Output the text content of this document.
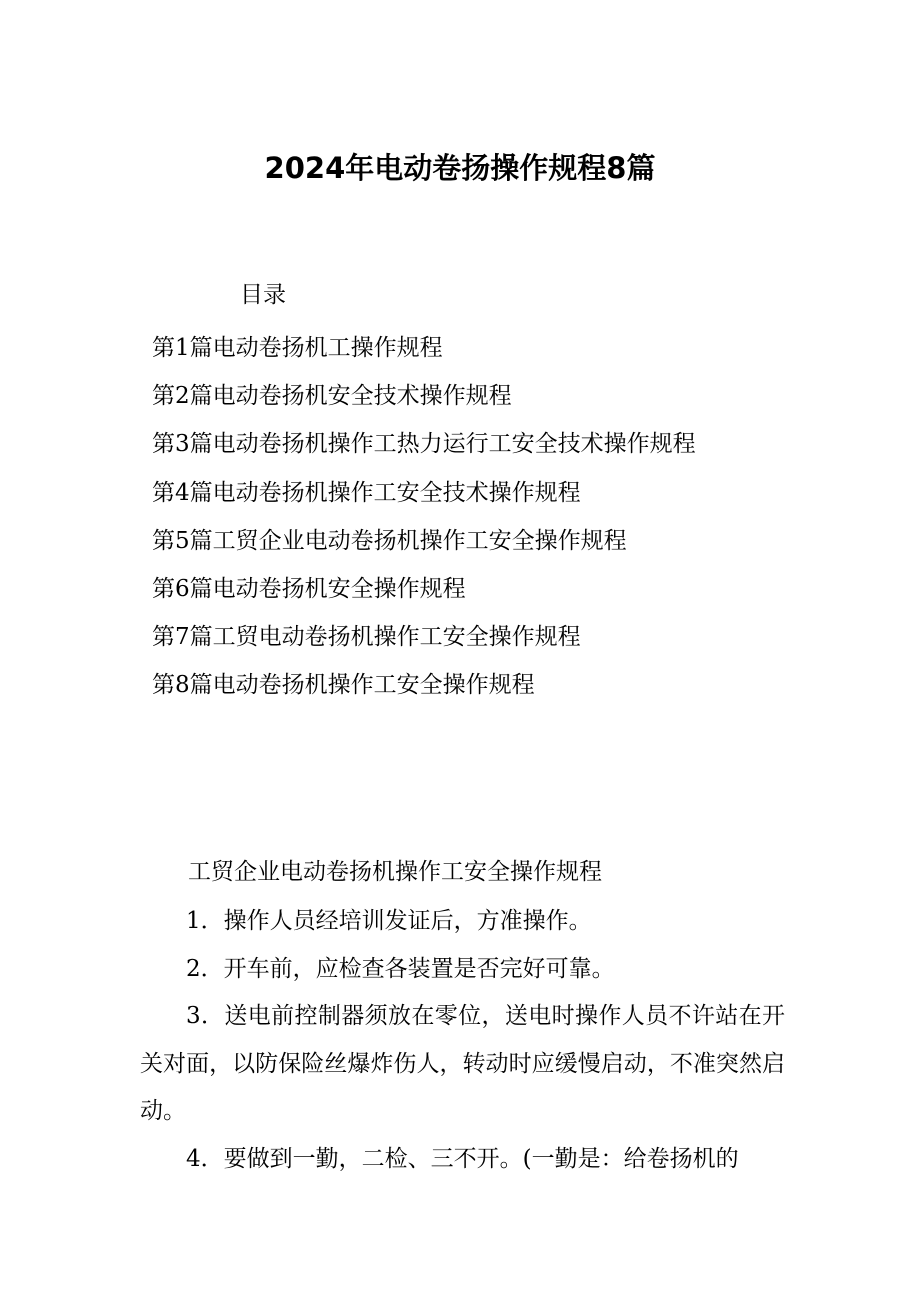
2024年电动卷扬操作规程8篇
目录
第1篇电动卷扬机工操作规程
第2篇电动卷扬机安全技术操作规程
第3篇电动卷扬机操作工热力运行工安全技术操作规程
第4篇电动卷扬机操作工安全技术操作规程
第5篇工贸企业电动卷扬机操作工安全操作规程
第6篇电动卷扬机安全操作规程
第7篇工贸电动卷扬机操作工安全操作规程
第8篇电动卷扬机操作工安全操作规程
工贸企业电动卷扬机操作工安全操作规程

1．操作人员经培训发证后，方准操作。

2．开车前，应检查各装置是否完好可靠。

3．送电前控制器须放在零位，送电时操作人员不许站在开关对面，以防保险丝爆炸伤人，转动时应缓慢启动，不准突然启动。

4．要做到一勤，二检、三不开。(一勤是：给卷扬机的
